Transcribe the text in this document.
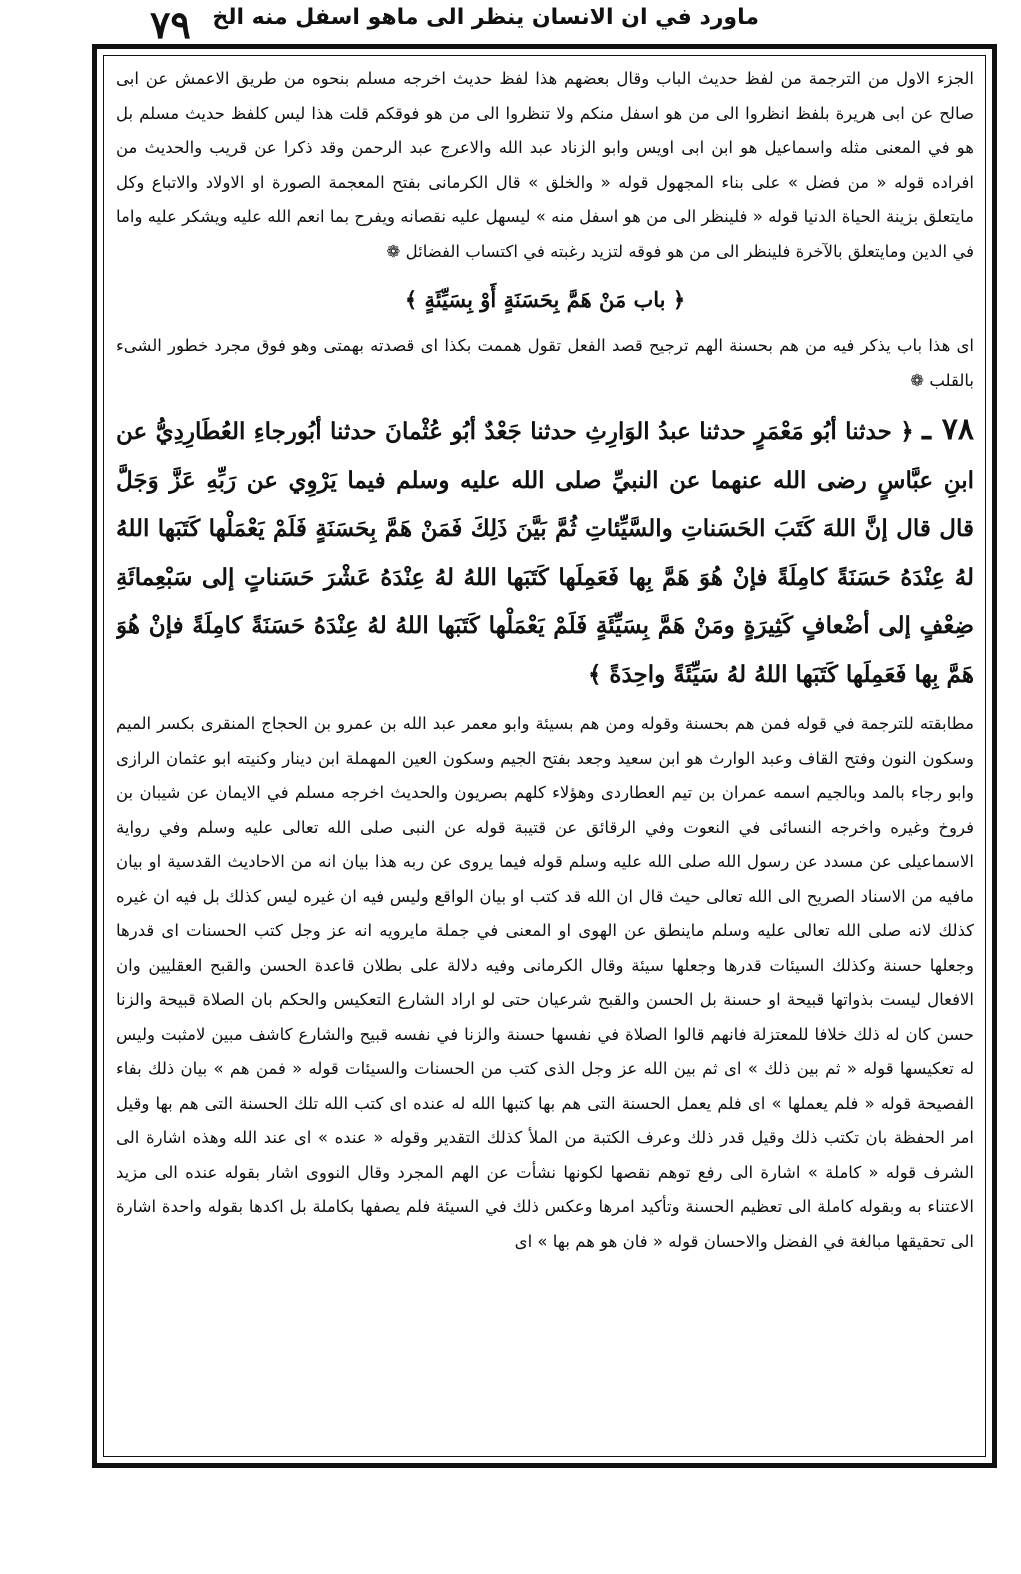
٧٩ ماورد في ان الانسان ينظر الى ماهو اسفل منه الخ

الجزء الاول من الترجمة من لفظ حديث الباب وقال بعضهم هذا لفظ حديث اخرجه مسلم بنحوه من طريق الاعمش عن ابى صالح عن ابى هريرة بلفظ انظروا الى من هو اسفل منكم ولا تنظروا الى من هو فوقكم قلت هذا ليس كلفظ حديث مسلم بل هو في المعنى مثله واسماعيل هو ابن ابى اويس وابو الزناد عبد الله والاعرج عبد الرحمن وقد ذكرا عن قريب والحديث من افراده قوله « من فضل » على بناء المجهول قوله « والخلق » قال الكرمانى بفتح المعجمة الصورة او الاولاد والاتباع وكل مايتعلق بزينة الحياة الدنيا قوله « فلينظر الى من هو اسفل منه » ليسهل عليه نقصانه ويفرح بما انعم الله عليه ويشكر عليه واما في الدين ومايتعلق بالآخرة فلينظر الى من هو فوقه لتزيد رغبته في اكتساب الفضائل ❁

﴿ باب مَنْ هَمَّ بِحَسَنَةٍ أَوْ بِسَيِّئَةٍ ﴾

اى هذا باب يذكر فيه من هم بحسنة الهم ترجيح قصد الفعل تقول هممت بكذا اى قصدته بهمتى وهو فوق مجرد خطور الشىء بالقلب ❁

٧٨ ـ ﴿ حدثنا أبُو مَعْمَرٍ حدثنا عبدُ الوَارِثِ حدثنا جَعْدٌ أبُو عُثْمانَ حدثنا أبُورجاءِ العُطَارِدِيُّ عن ابنِ عبَّاسٍ رضى الله عنهما عن النبيِّ صلى الله عليه وسلم فيما يَرْوِي عن رَبِّهِ عَزَّ وَجَلَّ قال قال إنَّ اللهَ كَتَبَ الحَسَناتِ والسَّيِّئاتِ ثُمَّ بَيَّنَ ذَلِكَ فَمَنْ هَمَّ بِحَسَنَةٍ فَلَمْ يَعْمَلْها كَتَبَها اللهُ لهُ عِنْدَهُ حَسَنَةً كامِلَةً فإنْ هُوَ هَمَّ بِها فَعَمِلَها كَتَبَها اللهُ لهُ عِنْدَهُ عَشْرَ حَسَناتٍ إلى سَبْعِمائَةِ ضِعْفٍ إلى أضْعافٍ كَثِيرَةٍ ومَنْ هَمَّ بِسَيِّئَةٍ فَلَمْ يَعْمَلْها كَتَبَها اللهُ لهُ عِنْدَهُ حَسَنَةً كامِلَةً فإنْ هُوَ هَمَّ بِها فَعَمِلَها كَتَبَها اللهُ لهُ سَيِّئَةً واحِدَةً ﴾

مطابقته للترجمة في قوله فمن هم بحسنة وقوله ومن هم بسيئة وابو معمر عبد الله بن عمرو بن الحجاج المنقرى بكسر الميم وسكون النون وفتح القاف وعبد الوارث هو ابن سعيد وجعد بفتح الجيم وسكون العين المهملة ابن دينار وكنيته ابو عثمان الرازى وابو رجاء بالمد وبالجيم اسمه عمران بن تيم العطاردى وهؤلاء كلهم بصريون والحديث اخرجه مسلم في الايمان عن شيبان بن فروخ وغيره واخرجه النسائى في النعوت وفي الرقائق عن قتيبة قوله عن النبى صلى الله تعالى عليه وسلم وفي رواية الاسماعيلى عن مسدد عن رسول الله صلى الله عليه وسلم قوله فيما يروى عن ربه هذا بيان انه من الاحاديث القدسية او بيان مافيه من الاسناد الصريح الى الله تعالى حيث قال ان الله قد كتب او بيان الواقع وليس فيه ان غيره ليس كذلك بل فيه ان غيره كذلك لانه صلى الله تعالى عليه وسلم ماينطق عن الهوى او المعنى في جملة مايرويه انه عز وجل كتب الحسنات اى قدرها وجعلها حسنة وكذلك السيئات قدرها وجعلها سيئة وقال الكرمانى وفيه دلالة على بطلان قاعدة الحسن والقبح العقليين وان الافعال ليست بذواتها قبيحة او حسنة بل الحسن والقبح شرعيان حتى لو اراد الشارع التعكيس والحكم بان الصلاة قبيحة والزنا حسن كان له ذلك خلافا للمعتزلة فانهم قالوا الصلاة في نفسها حسنة والزنا في نفسه قبيح والشارع كاشف مبين لامثبت وليس له تعكيسها قوله « ثم بين ذلك » اى ثم بين الله عز وجل الذى كتب من الحسنات والسيئات قوله « فمن هم » بيان ذلك بفاء الفصيحة قوله « فلم يعملها » اى فلم يعمل الحسنة التى هم بها كتبها الله له عنده اى كتب الله تلك الحسنة التى هم بها وقيل امر الحفظة بان تكتب ذلك وقيل قدر ذلك وعرف الكتبة من الملأ كذلك التقدير وقوله « عنده » اى عند الله وهذه اشارة الى الشرف قوله « كاملة » اشارة الى رفع توهم نقصها لكونها نشأت عن الهم المجرد وقال النووى اشار بقوله عنده الى مزيد الاعتناء به وبقوله كاملة الى تعظيم الحسنة وتأكيد امرها وعكس ذلك في السيئة فلم يصفها بكاملة بل اكدها بقوله واحدة اشارة الى تحقيقها مبالغة في الفضل والاحسان قوله « فان هو هم بها » اى
